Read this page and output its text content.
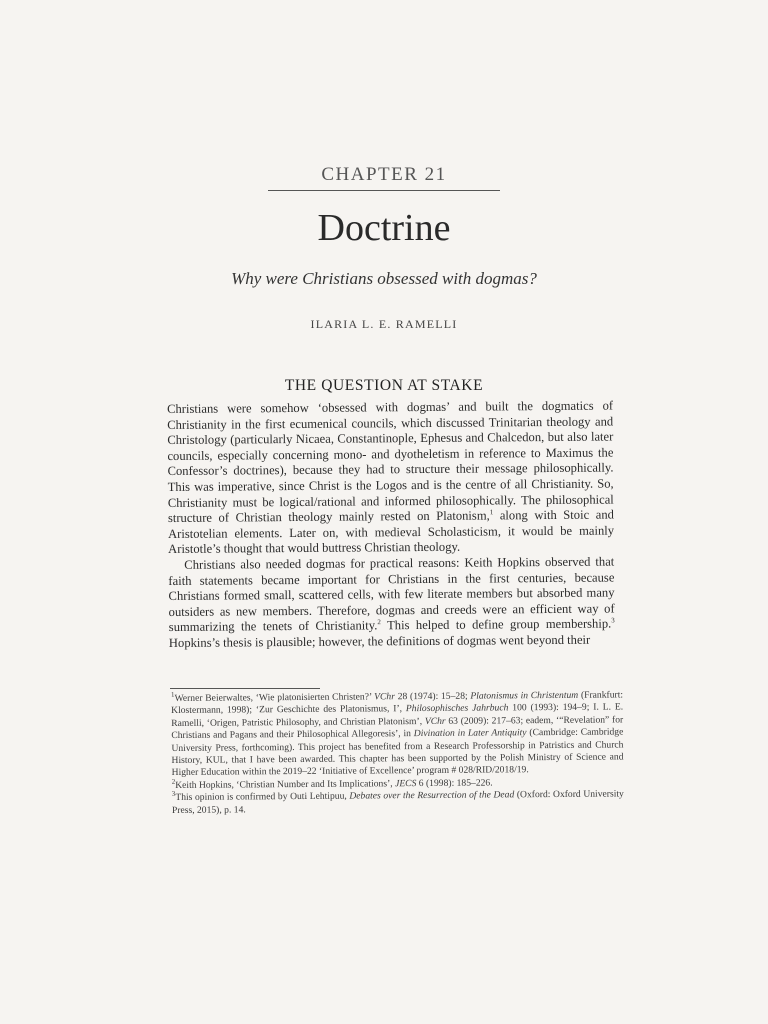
CHAPTER 21
Doctrine
Why were Christians obsessed with dogmas?
ILARIA L. E. RAMELLI
THE QUESTION AT STAKE

Christians were somehow ‘obsessed with dogmas’ and built the dogmatics of Christianity in the first ecumenical councils, which discussed Trinitarian theology and Christology (particularly Nicaea, Constantinople, Ephesus and Chalcedon, but also later councils, especially concerning mono- and dyotheletism in reference to Maximus the Confessor’s doctrines), because they had to structure their message philosophically. This was imperative, since Christ is the Logos and is the centre of all Christianity. So, Christianity must be logical/rational and informed philosophically. The philosophical structure of Christian theology mainly rested on Platonism,$^1$ along with Stoic and Aristotelian elements. Later on, with medieval Scholasticism, it would be mainly Aristotle’s thought that would buttress Christian theology.

Christians also needed dogmas for practical reasons: Keith Hopkins observed that faith statements became important for Christians in the first centuries, because Christians formed small, scattered cells, with few literate members but absorbed many outsiders as new members. Therefore, dogmas and creeds were an efficient way of summarizing the tenets of Christianity.$^2$ This helped to define group membership.$^3$ Hopkins’s thesis is plausible; however, the definitions of dogmas went beyond their

$^1$Werner Beierwaltes, ‘Wie platonisierten Christen?’ VChr 28 (1974): 15–28; Platonismus in Christentum (Frankfurt: Klostermann, 1998); ‘Zur Geschichte des Platonismus, I’, Philosophisches Jahrbuch 100 (1993): 194–9; I. L. E. Ramelli, ‘Origen, Patristic Philosophy, and Christian Platonism’, VChr 63 (2009): 217–63; eadem, ‘“Revelation” for Christians and Pagans and their Philosophical Allegoresis’, in Divination in Later Antiquity (Cambridge: Cambridge University Press, forthcoming). This project has benefited from a Research Professorship in Patristics and Church History, KUL, that I have been awarded. This chapter has been supported by the Polish Ministry of Science and Higher Education within the 2019–22 ‘Initiative of Excellence’ program # 028/RID/2018/19.

$^2$Keith Hopkins, ‘Christian Number and Its Implications’, JECS 6 (1998): 185–226.

$^3$This opinion is confirmed by Outi Lehtipuu, Debates over the Resurrection of the Dead (Oxford: Oxford University Press, 2015), p. 14.
